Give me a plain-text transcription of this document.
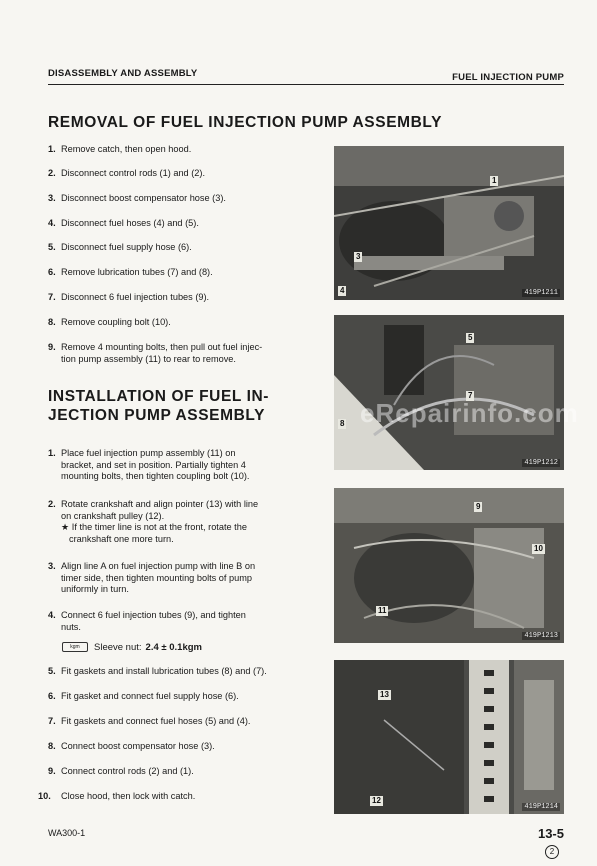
DISASSEMBLY AND ASSEMBLY	FUEL INJECTION PUMP
REMOVAL OF FUEL INJECTION PUMP ASSEMBLY
1. Remove catch, then open hood.
2. Disconnect control rods (1) and (2).
3. Disconnect boost compensator hose (3).
4. Disconnect fuel hoses (4) and (5).
5. Disconnect fuel supply hose (6).
6. Remove lubrication tubes (7) and (8).
7. Disconnect 6 fuel injection tubes (9).
8. Remove coupling bolt (10).
9. Remove 4 mounting bolts, then pull out fuel injec-
tion pump assembly (11) to rear to remove.
INSTALLATION OF FUEL IN-
JECTION PUMP ASSEMBLY
1. Place fuel injection pump assembly (11) on
bracket, and set in position. Partially tighten 4
mounting bolts, then tighten coupling bolt (10).
2. Rotate crankshaft and align pointer (13) with line
on crankshaft pulley (12).
★ If the timer line is not at the front, rotate the
crankshaft one more turn.
3. Align line A on fuel injection pump with line B on
timer side, then tighten mounting bolts of pump
uniformly in turn.
4. Connect 6 fuel injection tubes (9), and tighten
nuts.
5. Fit gaskets and install lubrication tubes (8) and (7).
6. Fit gasket and connect fuel supply hose (6).
7. Fit gaskets and connect fuel hoses (5) and (4).
8. Connect boost compensator hose (3).
9. Connect control rods (2) and (1).
10. Close hood, then lock with catch.
kgm Sleeve nut: 2.4 ± 0.1kgm
1
3
4	419P1211
5
7
8
419P1212
eRepairinfo.com
9
10
11
419P1213
13
12
419P1214
WA300-1	13-5
2
